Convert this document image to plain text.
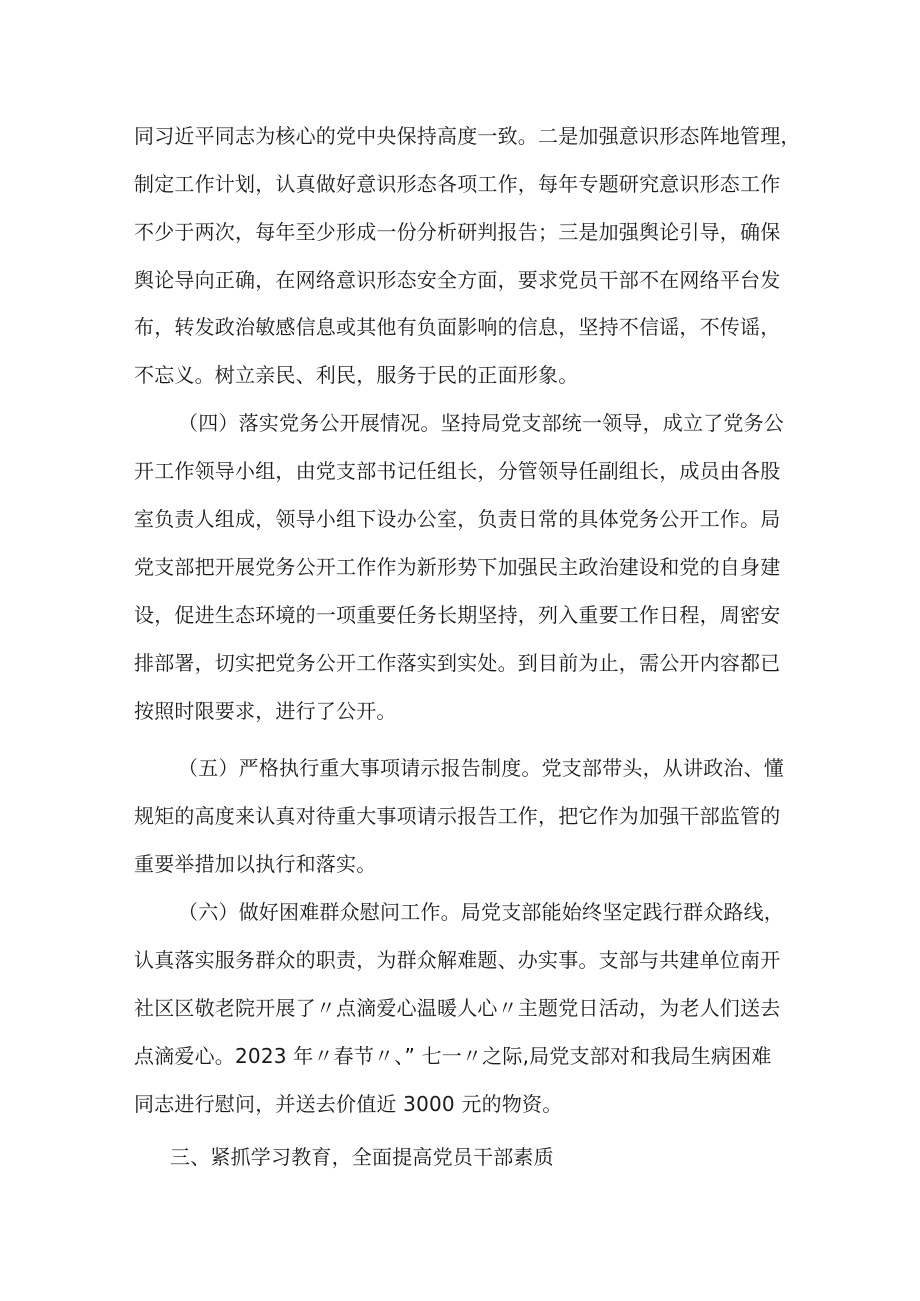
同习近平同志为核心的党中央保持高度一致。二是加强意识形态阵地管理，

制定工作计划，认真做好意识形态各项工作，每年专题研究意识形态工作

不少于两次，每年至少形成一份分析研判报告；三是加强舆论引导，确保

舆论导向正确，在网络意识形态安全方面，要求党员干部不在网络平台发

布，转发政治敏感信息或其他有负面影响的信息，坚持不信谣，不传谣，

不忘义。树立亲民、利民，服务于民的正面形象。

（四）落实党务公开展情况。坚持局党支部统一领导，成立了党务公

开工作领导小组，由党支部书记任组长，分管领导任副组长，成员由各股

室负责人组成，领导小组下设办公室，负责日常的具体党务公开工作。局

党支部把开展党务公开工作作为新形势下加强民主政治建设和党的自身建

设，促进生态环境的一项重要任务长期坚持，列入重要工作日程，周密安

排部署，切实把党务公开工作落实到实处。到目前为止，需公开内容都已

按照时限要求，进行了公开。

（五）严格执行重大事项请示报告制度。党支部带头，从讲政治、懂

规矩的高度来认真对待重大事项请示报告工作，把它作为加强干部监管的

重要举措加以执行和落实。

（六）做好困难群众慰问工作。局党支部能始终坚定践行群众路线，

认真落实服务群众的职责，为群众解难题、办实事。支部与共建单位南开

社区区敬老院开展了〃点滴爱心温暖人心〃主题党日活动，为老人们送去

点滴爱心。2023 年〃春节〃、” 七一〃之际,局党支部对和我局生病困难

同志进行慰问，并送去价值近 3000 元的物资。

三、紧抓学习教育，全面提高党员干部素质
